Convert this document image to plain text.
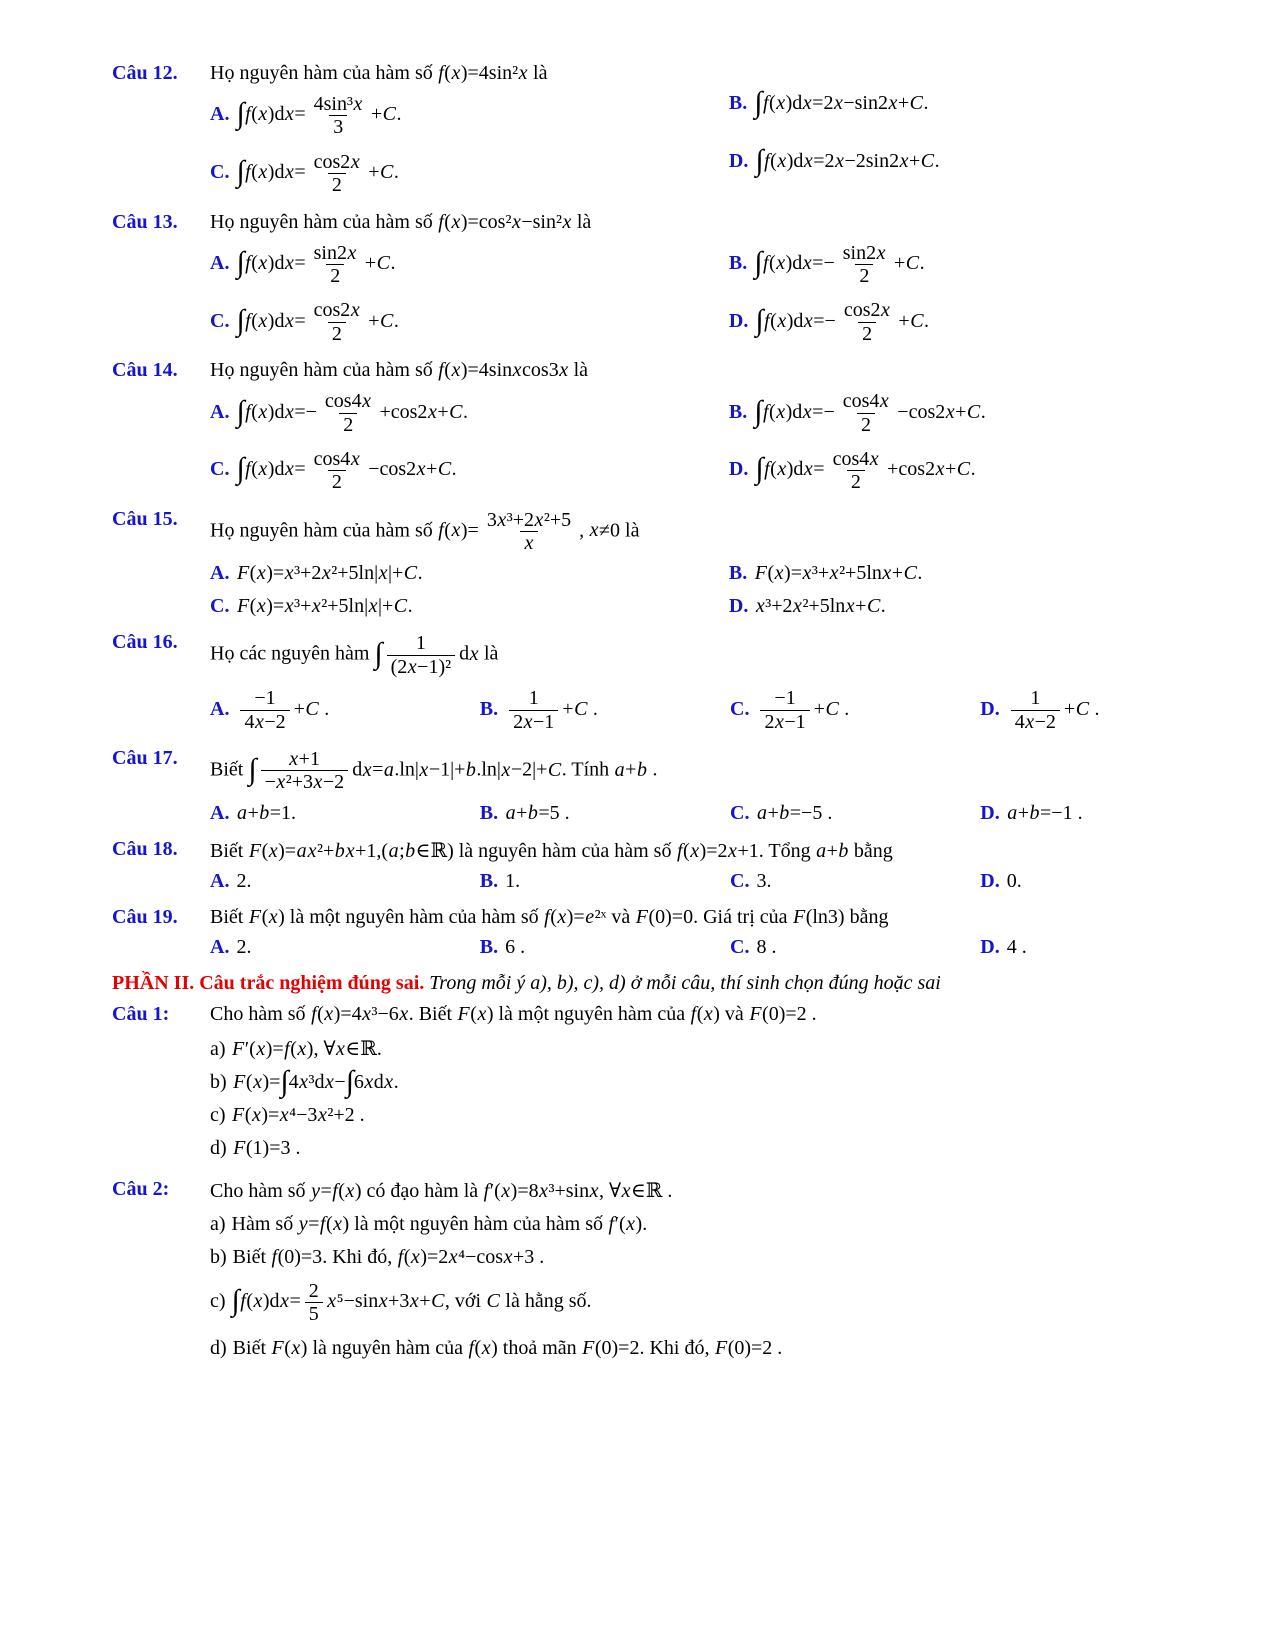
Câu 12.	Họ nguyên hàm của hàm số f(x)=4sin²x là
A. $\int f(x)dx= \frac{\text{4sin³x}}{3} +C$.
B. ∫f(x)dx=2x−sin2x+C.
C. $\int f(x)dx= \frac{\cos 2x}{2} +C$.
D. ∫f(x)dx=2x−2sin2x+C.
Câu 13.	Họ nguyên hàm của hàm số f(x)=cos²x−sin²x là
A. $\int f(x)dx= \frac{\sin 2x}{2} +C$.	B. $\int f(x)dx=- \frac{\sin 2x}{2} +C$.
C. $\int f(x)dx= \frac{\cos 2x}{2} +C$.	D. $\int f(x)dx=- \frac{\cos 2x}{2} +C$.
Câu 14.	Họ nguyên hàm của hàm số f(x)=4sinxcos3x là
A. $\int f(x)dx=- \frac{\cos 4x}{2} +\cos 2x+C$.	B. $\int f(x)dx=- \frac{\cos 4x}{2} -\cos 2x+C$.
C. $\int f(x)dx= \frac{\cos 4x}{2} -\cos 2x+C$.	D. $\int f(x)dx= \frac{\cos 4x}{2} +\cos 2x+C$.
Câu 15.
Họ nguyên hàm của hàm số $f(x)= \frac{\text{3x³+2x²+5}}{x}$ , x≠0 là
A. F(x)=x³+2x²+5ln|x|+C.	B. F(x)=x³+x²+5lnx+C.
C. F(x)=x³+x²+5ln|x|+C.	D. x³+2x²+5lnx+C.
Câu 16.
Họ các nguyên hàm ∫ $\frac{1}{\text{(2x−1)²}}$ dx là
A. $\frac{-1}{4x-2} +C$ .	B. $\frac{1}{2x-1} +C$ .	C. $\frac{-1}{2x-1} +C$ .	D. $\frac{1}{4x-2} +C$ .
Câu 17.
Biết ∫ $\frac{x+1}{\text{−x²+3x−2}} dx=a.\ln|x-1|+b.\ln|x-2|+C$. Tính a+b .
A. a+b=1.	B. a+b=5 .	C. a+b=−5 .	D. a+b=−1 .
Câu 18.	Biết F(x)=ax²+bx+1,(a;b∈ℝ) là nguyên hàm của hàm số f(x)=2x+1. Tổng a+b bằng
A. 2.	B. 1.	C. 3.	D. 0.
Câu 19.	Biết F(x) là một nguyên hàm của hàm số f(x)=e²ˣ và F(0)=0. Giá trị của F(ln3) bằng
A. 2.	B. 6 .	C. 8 .	D. 4 .
PHẦN II. Câu trắc nghiệm đúng sai. Trong mỗi ý a), b), c), d) ở mỗi câu, thí sinh chọn đúng hoặc sai
Câu 1:	Cho hàm số f(x)=4x³−6x. Biết F(x) là một nguyên hàm của f(x) và F(0)=2 .
a) F′(x)=f(x), ∀x∈ℝ.
b) F(x)=∫4x³dx−∫6xdx.
c) F(x)=x⁴−3x²+2 .
d) F(1)=3 .
Câu 2:	Cho hàm số y=f(x) có đạo hàm là f′(x)=8x³+sinx, ∀x∈ℝ .
a) Hàm số y=f(x) là một nguyên hàm của hàm số f′(x).
b) Biết f(0)=3. Khi đó, f(x)=2x⁴−cosx+3 .
c) $\int f(x)dx= \frac{2}{5} x^5-\sin x+3x+C$, với C là hằng số.
d) Biết F(x) là nguyên hàm của f(x) thoả mãn F(0)=2. Khi đó, F(0)=2 .
